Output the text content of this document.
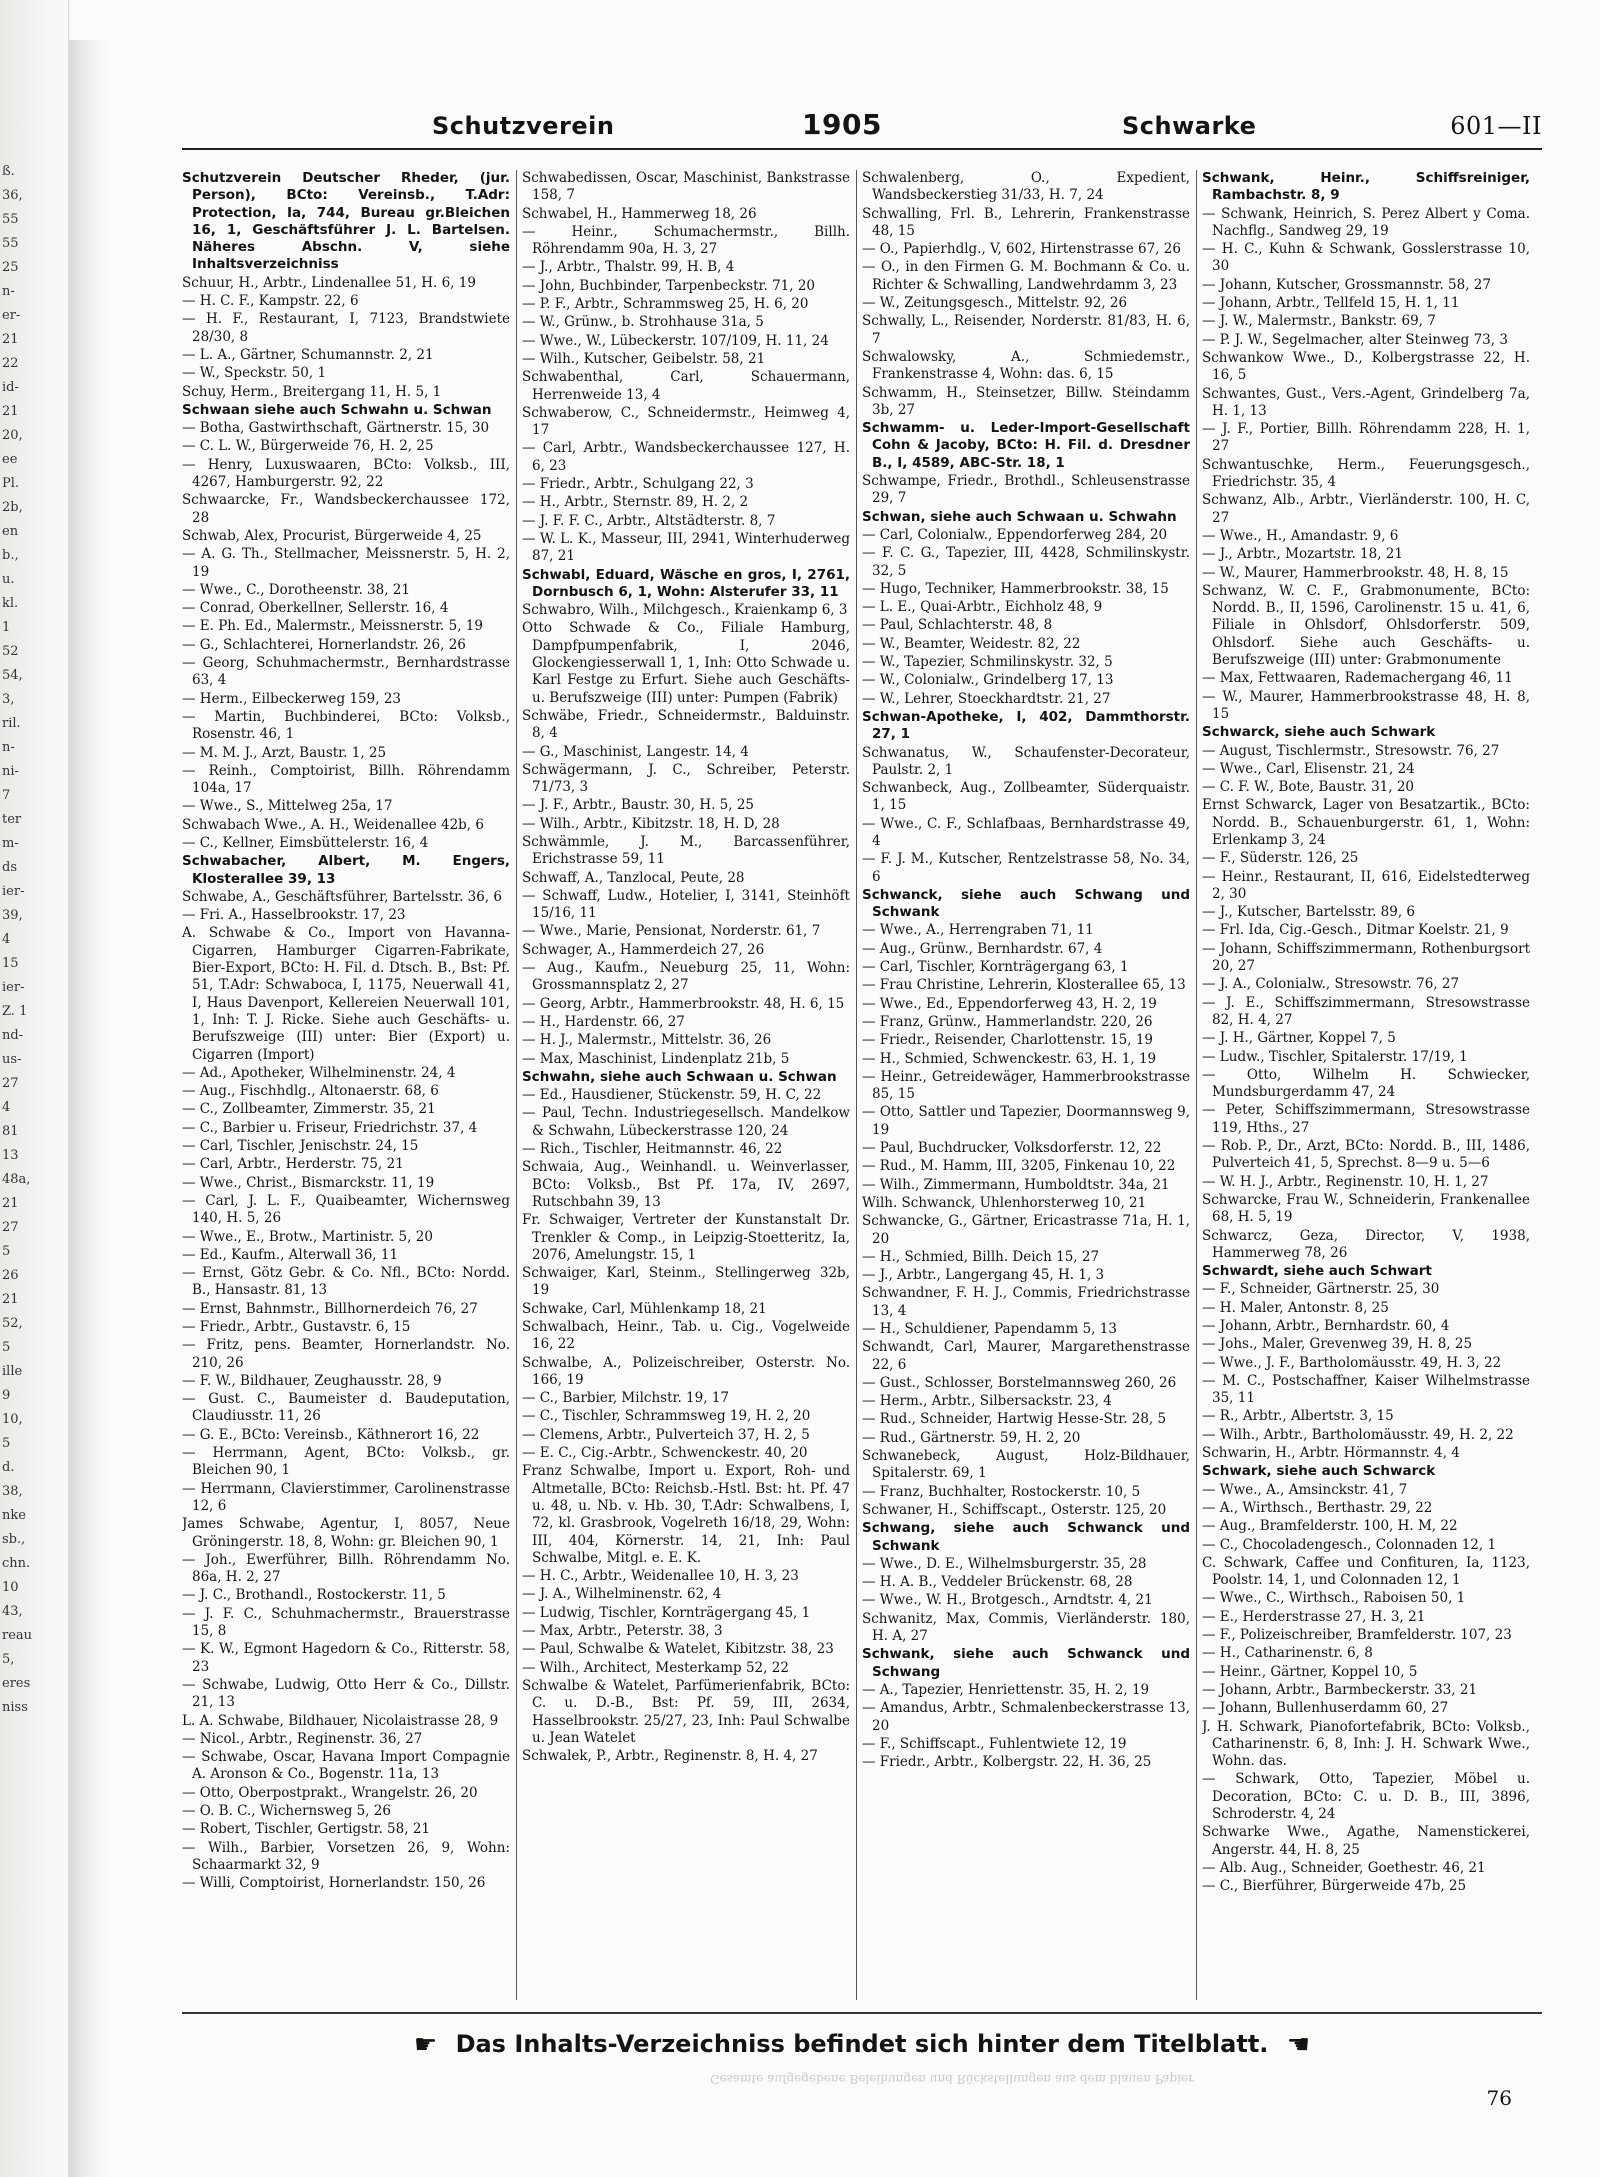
ß.
36,
55
55
25
n-
er-
21
22
id-
21
20,
ee
Pl.
2b,
en
b.,
u.
kl.
1
52
54,
3,
ril.
n-
ni-
7
ter
m-
ds
ier-
39,
4
15
ier-
Z. 1
nd-
us-
27
4
81
13
48a,
21
27
5
26
21
52,
5
ille
9
10,
5
d.
38,
nke
sb.,
chn.
10
43,
reau
5,
eres
niss
Schutzverein	1905	Schwarke	601—II
Schutzverein Deutscher Rheder, (jur. Person), BCto: Vereinsb., T.Adr: Protection, Ia, 744, Bureau gr.Bleichen 16, 1, Geschäftsführer J. L. Bartelsen. Näheres Abschn. V, siehe Inhaltsverzeichniss
Schuur, H., Arbtr., Lindenallee 51, H. 6, 19
— H. C. F., Kampstr. 22, 6
— H. F., Restaurant, I, 7123, Brandstwiete 28/30, 8
— L. A., Gärtner, Schumannstr. 2, 21
— W., Speckstr. 50, 1
Schuy, Herm., Breitergang 11, H. 5, 1
Schwaan siehe auch Schwahn u. Schwan
— Botha, Gastwirthschaft, Gärtnerstr. 15, 30
— C. L. W., Bürgerweide 76, H. 2, 25
— Henry, Luxuswaaren, BCto: Volksb., III, 4267, Hamburgerstr. 92, 22
Schwaarcke, Fr., Wandsbeckerchaussee 172, 28
Schwab, Alex, Procurist, Bürgerweide 4, 25
— A. G. Th., Stellmacher, Meissnerstr. 5, H. 2, 19
— Wwe., C., Dorotheenstr. 38, 21
— Conrad, Oberkellner, Sellerstr. 16, 4
— E. Ph. Ed., Malermstr., Meissnerstr. 5, 19
— G., Schlachterei, Hornerlandstr. 26, 26
— Georg, Schuhmachermstr., Bernhardstrasse 63, 4
— Herm., Eilbeckerweg 159, 23
— Martin, Buchbinderei, BCto: Volksb., Rosenstr. 46, 1
— M. M. J., Arzt, Baustr. 1, 25
— Reinh., Comptoirist, Billh. Röhrendamm 104a, 17
— Wwe., S., Mittelweg 25a, 17
Schwabach Wwe., A. H., Weidenallee 42b, 6
— C., Kellner, Eimsbüttelerstr. 16, 4
Schwabacher, Albert, M. Engers, Klosterallee 39, 13
Schwabe, A., Geschäftsführer, Bartelsstr. 36, 6
— Fri. A., Hasselbrookstr. 17, 23
A. Schwabe & Co., Import von Havanna-Cigarren, Hamburger Cigarren-Fabrikate, Bier-Export, BCto: H. Fil. d. Dtsch. B., Bst: Pf. 51, T.Adr: Schwaboca, I, 1175, Neuerwall 41, I, Haus Davenport, Kellereien Neuerwall 101, 1, Inh: T. J. Ricke. Siehe auch Geschäfts- u. Berufszweige (III) unter: Bier (Export) u. Cigarren (Import)
— Ad., Apotheker, Wilhelminenstr. 24, 4
— Aug., Fischhdlg., Altonaerstr. 68, 6
— C., Zollbeamter, Zimmerstr. 35, 21
— C., Barbier u. Friseur, Friedrichstr. 37, 4
— Carl, Tischler, Jenischstr. 24, 15
— Carl, Arbtr., Herderstr. 75, 21
— Wwe., Christ., Bismarckstr. 11, 19
— Carl, J. L. F., Quaibeamter, Wichernsweg 140, H. 5, 26
— Wwe., E., Brotw., Martinistr. 5, 20
— Ed., Kaufm., Alterwall 36, 11
— Ernst, Götz Gebr. & Co. Nfl., BCto: Nordd. B., Hansastr. 81, 13
— Ernst, Bahnmstr., Billhornerdeich 76, 27
— Friedr., Arbtr., Gustavstr. 6, 15
— Fritz, pens. Beamter, Hornerlandstr. No. 210, 26
— F. W., Bildhauer, Zeughausstr. 28, 9
— Gust. C., Baumeister d. Baudeputation, Claudiusstr. 11, 26
— G. E., BCto: Vereinsb., Käthnerort 16, 22
— Herrmann, Agent, BCto: Volksb., gr. Bleichen 90, 1
— Herrmann, Clavierstimmer, Carolinenstrasse 12, 6
James Schwabe, Agentur, I, 8057, Neue Gröningerstr. 18, 8, Wohn: gr. Bleichen 90, 1
— Joh., Ewerführer, Billh. Röhrendamm No. 86a, H. 2, 27
— J. C., Brothandl., Rostockerstr. 11, 5
— J. F. C., Schuhmachermstr., Brauerstrasse 15, 8
— K. W., Egmont Hagedorn & Co., Ritterstr. 58, 23
— Schwabe, Ludwig, Otto Herr & Co., Dillstr. 21, 13
L. A. Schwabe, Bildhauer, Nicolaistrasse 28, 9
— Nicol., Arbtr., Reginenstr. 36, 27
— Schwabe, Oscar, Havana Import Compagnie A. Aronson & Co., Bogenstr. 11a, 13
— Otto, Oberpostprakt., Wrangelstr. 26, 20
— O. B. C., Wichernsweg 5, 26
— Robert, Tischler, Gertigstr. 58, 21
— Wilh., Barbier, Vorsetzen 26, 9, Wohn: Schaarmarkt 32, 9
— Willi, Comptoirist, Hornerlandstr. 150, 26
Schwabedissen, Oscar, Maschinist, Bankstrasse 158, 7
Schwabel, H., Hammerweg 18, 26
— Heinr., Schumachermstr., Billh. Röhrendamm 90a, H. 3, 27
— J., Arbtr., Thalstr. 99, H. B, 4
— John, Buchbinder, Tarpenbeckstr. 71, 20
— P. F., Arbtr., Schrammsweg 25, H. 6, 20
— W., Grünw., b. Strohhause 31a, 5
— Wwe., W., Lübeckerstr. 107/109, H. 11, 24
— Wilh., Kutscher, Geibelstr. 58, 21
Schwabenthal, Carl, Schauermann, Herrenweide 13, 4
Schwaberow, C., Schneidermstr., Heimweg 4, 17
— Carl, Arbtr., Wandsbeckerchaussee 127, H. 6, 23
— Friedr., Arbtr., Schulgang 22, 3
— H., Arbtr., Sternstr. 89, H. 2, 2
— J. F. F. C., Arbtr., Altstädterstr. 8, 7
— W. L. K., Masseur, III, 2941, Winterhuderweg 87, 21
Schwabl, Eduard, Wäsche en gros, I, 2761, Dornbusch 6, 1, Wohn: Alsterufer 33, 11
Schwabro, Wilh., Milchgesch., Kraienkamp 6, 3
Otto Schwade & Co., Filiale Hamburg, Dampfpumpenfabrik, I, 2046, Glockengiesserwall 1, 1, Inh: Otto Schwade u. Karl Festge zu Erfurt. Siehe auch Geschäfts- u. Berufszweige (III) unter: Pumpen (Fabrik)
Schwäbe, Friedr., Schneidermstr., Balduinstr. 8, 4
— G., Maschinist, Langestr. 14, 4
Schwägermann, J. C., Schreiber, Peterstr. 71/73, 3
— J. F., Arbtr., Baustr. 30, H. 5, 25
— Wilh., Arbtr., Kibitzstr. 18, H. D, 28
Schwämmle, J. M., Barcassenführer, Erichstrasse 59, 11
Schwaff, A., Tanzlocal, Peute, 28
— Schwaff, Ludw., Hotelier, I, 3141, Steinhöft 15/16, 11
— Wwe., Marie, Pensionat, Norderstr. 61, 7
Schwager, A., Hammerdeich 27, 26
— Aug., Kaufm., Neueburg 25, 11, Wohn: Grossmannsplatz 2, 27
— Georg, Arbtr., Hammerbrookstr. 48, H. 6, 15
— H., Hardenstr. 66, 27
— H. J., Malermstr., Mittelstr. 36, 26
— Max, Maschinist, Lindenplatz 21b, 5
Schwahn, siehe auch Schwaan u. Schwan
— Ed., Hausdiener, Stückenstr. 59, H. C, 22
— Paul, Techn. Industriegesellsch. Mandelkow & Schwahn, Lübeckerstrasse 120, 24
— Rich., Tischler, Heitmannstr. 46, 22
Schwaia, Aug., Weinhandl. u. Weinverlasser, BCto: Volksb., Bst Pf. 17a, IV, 2697, Rutschbahn 39, 13
Fr. Schwaiger, Vertreter der Kunstanstalt Dr. Trenkler & Comp., in Leipzig-Stoetteritz, Ia, 2076, Amelungstr. 15, 1
Schwaiger, Karl, Steinm., Stellingerweg 32b, 19
Schwake, Carl, Mühlenkamp 18, 21
Schwalbach, Heinr., Tab. u. Cig., Vogelweide 16, 22
Schwalbe, A., Polizeischreiber, Osterstr. No. 166, 19
— C., Barbier, Milchstr. 19, 17
— C., Tischler, Schrammsweg 19, H. 2, 20
— Clemens, Arbtr., Pulverteich 37, H. 2, 5
— E. C., Cig.-Arbtr., Schwenckestr. 40, 20
Franz Schwalbe, Import u. Export, Roh- und Altmetalle, BCto: Reichsb.-Hstl. Bst: ht. Pf. 47 u. 48, u. Nb. v. Hb. 30, T.Adr: Schwalbens, I, 72, kl. Grasbrook, Vogelreth 16/18, 29, Wohn: III, 404, Körnerstr. 14, 21, Inh: Paul Schwalbe, Mitgl. e. E. K.
— H. C., Arbtr., Weidenallee 10, H. 3, 23
— J. A., Wilhelminenstr. 62, 4
— Ludwig, Tischler, Kornträgergang 45, 1
— Max, Arbtr., Peterstr. 38, 3
— Paul, Schwalbe & Watelet, Kibitzstr. 38, 23
— Wilh., Architect, Mesterkamp 52, 22
Schwalbe & Watelet, Parfümerienfabrik, BCto: C. u. D.-B., Bst: Pf. 59, III, 2634, Hasselbrookstr. 25/27, 23, Inh: Paul Schwalbe u. Jean Watelet
Schwalek, P., Arbtr., Reginenstr. 8, H. 4, 27
Schwalenberg, O., Expedient, Wandsbeckerstieg 31/33, H. 7, 24
Schwalling, Frl. B., Lehrerin, Frankenstrasse 48, 15
— O., Papierhdlg., V, 602, Hirtenstrasse 67, 26
— O., in den Firmen G. M. Bochmann & Co. u. Richter & Schwalling, Landwehrdamm 3, 23
— W., Zeitungsgesch., Mittelstr. 92, 26
Schwally, L., Reisender, Norderstr. 81/83, H. 6, 7
Schwalowsky, A., Schmiedemstr., Frankenstrasse 4, Wohn: das. 6, 15
Schwamm, H., Steinsetzer, Billw. Steindamm 3b, 27
Schwamm- u. Leder-Import-Gesellschaft Cohn & Jacoby, BCto: H. Fil. d. Dresdner B., I, 4589, ABC-Str. 18, 1
Schwampe, Friedr., Brothdl., Schleusenstrasse 29, 7
Schwan, siehe auch Schwaan u. Schwahn
— Carl, Colonialw., Eppendorferweg 284, 20
— F. C. G., Tapezier, III, 4428, Schmilinskystr. 32, 5
— Hugo, Techniker, Hammerbrookstr. 38, 15
— L. E., Quai-Arbtr., Eichholz 48, 9
— Paul, Schlachterstr. 48, 8
— W., Beamter, Weidestr. 82, 22
— W., Tapezier, Schmilinskystr. 32, 5
— W., Colonialw., Grindelberg 17, 13
— W., Lehrer, Stoeckhardtstr. 21, 27
Schwan-Apotheke, I, 402, Dammthorstr. 27, 1
Schwanatus, W., Schaufenster-Decorateur, Paulstr. 2, 1
Schwanbeck, Aug., Zollbeamter, Süderquaistr. 1, 15
— Wwe., C. F., Schlafbaas, Bernhardstrasse 49, 4
— F. J. M., Kutscher, Rentzelstrasse 58, No. 34, 6
Schwanck, siehe auch Schwang und Schwank
— Wwe., A., Herrengraben 71, 11
— Aug., Grünw., Bernhardstr. 67, 4
— Carl, Tischler, Kornträgergang 63, 1
— Frau Christine, Lehrerin, Klosterallee 65, 13
— Wwe., Ed., Eppendorferweg 43, H. 2, 19
— Franz, Grünw., Hammerlandstr. 220, 26
— Friedr., Reisender, Charlottenstr. 15, 19
— H., Schmied, Schwenckestr. 63, H. 1, 19
— Heinr., Getreidewäger, Hammerbrookstrasse 85, 15
— Otto, Sattler und Tapezier, Doormannsweg 9, 19
— Paul, Buchdrucker, Volksdorferstr. 12, 22
— Rud., M. Hamm, III, 3205, Finkenau 10, 22
— Wilh., Zimmermann, Humboldtstr. 34a, 21
Wilh. Schwanck, Uhlenhorsterweg 10, 21
Schwancke, G., Gärtner, Ericastrasse 71a, H. 1, 20
— H., Schmied, Billh. Deich 15, 27
— J., Arbtr., Langergang 45, H. 1, 3
Schwandner, F. H. J., Commis, Friedrichstrasse 13, 4
— H., Schuldiener, Papendamm 5, 13
Schwandt, Carl, Maurer, Margarethenstrasse 22, 6
— Gust., Schlosser, Borstelmannsweg 260, 26
— Herm., Arbtr., Silbersackstr. 23, 4
— Rud., Schneider, Hartwig Hesse-Str. 28, 5
— Rud., Gärtnerstr. 59, H. 2, 20
Schwanebeck, August, Holz-Bildhauer, Spitalerstr. 69, 1
— Franz, Buchhalter, Rostockerstr. 10, 5
Schwaner, H., Schiffscapt., Osterstr. 125, 20
Schwang, siehe auch Schwanck und Schwank
— Wwe., D. E., Wilhelmsburgerstr. 35, 28
— H. A. B., Veddeler Brückenstr. 68, 28
— Wwe., W. H., Brotgesch., Arndtstr. 4, 21
Schwanitz, Max, Commis, Vierländerstr. 180, H. A, 27
Schwank, siehe auch Schwanck und Schwang
— A., Tapezier, Henriettenstr. 35, H. 2, 19
— Amandus, Arbtr., Schmalenbeckerstrasse 13, 20
— F., Schiffscapt., Fuhlentwiete 12, 19
— Friedr., Arbtr., Kolbergstr. 22, H. 36, 25
Schwank, Heinr., Schiffsreiniger, Rambachstr. 8, 9
— Schwank, Heinrich, S. Perez Albert y Coma. Nachflg., Sandweg 29, 19
— H. C., Kuhn & Schwank, Gosslerstrasse 10, 30
— Johann, Kutscher, Grossmannstr. 58, 27
— Johann, Arbtr., Tellfeld 15, H. 1, 11
— J. W., Malermstr., Bankstr. 69, 7
— P. J. W., Segelmacher, alter Steinweg 73, 3
Schwankow Wwe., D., Kolbergstrasse 22, H. 16, 5
Schwantes, Gust., Vers.-Agent, Grindelberg 7a, H. 1, 13
— J. F., Portier, Billh. Röhrendamm 228, H. 1, 27
Schwantuschke, Herm., Feuerungsgesch., Friedrichstr. 35, 4
Schwanz, Alb., Arbtr., Vierländerstr. 100, H. C, 27
— Wwe., H., Amandastr. 9, 6
— J., Arbtr., Mozartstr. 18, 21
— W., Maurer, Hammerbrookstr. 48, H. 8, 15
Schwanz, W. C. F., Grabmonumente, BCto: Nordd. B., II, 1596, Carolinenstr. 15 u. 41, 6, Filiale in Ohlsdorf, Ohlsdorferstr. 509, Ohlsdorf. Siehe auch Geschäfts- u. Berufszweige (III) unter: Grabmonumente
— Max, Fettwaaren, Rademachergang 46, 11
— W., Maurer, Hammerbrookstrasse 48, H. 8, 15
Schwarck, siehe auch Schwark
— August, Tischlermstr., Stresowstr. 76, 27
— Wwe., Carl, Elisenstr. 21, 24
— C. F. W., Bote, Baustr. 31, 20
Ernst Schwarck, Lager von Besatzartik., BCto: Nordd. B., Schauenburgerstr. 61, 1, Wohn: Erlenkamp 3, 24
— F., Süderstr. 126, 25
— Heinr., Restaurant, II, 616, Eidelstedterweg 2, 30
— J., Kutscher, Bartelsstr. 89, 6
— Frl. Ida, Cig.-Gesch., Ditmar Koelstr. 21, 9
— Johann, Schiffszimmermann, Rothenburgsort 20, 27
— J. A., Colonialw., Stresowstr. 76, 27
— J. E., Schiffszimmermann, Stresowstrasse 82, H. 4, 27
— J. H., Gärtner, Koppel 7, 5
— Ludw., Tischler, Spitalerstr. 17/19, 1
— Otto, Wilhelm H. Schwiecker, Mundsburgerdamm 47, 24
— Peter, Schiffszimmermann, Stresowstrasse 119, Hths., 27
— Rob. P., Dr., Arzt, BCto: Nordd. B., III, 1486, Pulverteich 41, 5, Sprechst. 8—9 u. 5—6
— W. H. J., Arbtr., Reginenstr. 10, H. 1, 27
Schwarcke, Frau W., Schneiderin, Frankenallee 68, H. 5, 19
Schwarcz, Geza, Director, V, 1938, Hammerweg 78, 26
Schwardt, siehe auch Schwart
— F., Schneider, Gärtnerstr. 25, 30
— H. Maler, Antonstr. 8, 25
— Johann, Arbtr., Bernhardstr. 60, 4
— Johs., Maler, Grevenweg 39, H. 8, 25
— Wwe., J. F., Bartholomäusstr. 49, H. 3, 22
— M. C., Postschaffner, Kaiser Wilhelmstrasse 35, 11
— R., Arbtr., Albertstr. 3, 15
— Wilh., Arbtr., Bartholomäusstr. 49, H. 2, 22
Schwarin, H., Arbtr. Hörmannstr. 4, 4
Schwark, siehe auch Schwarck
— Wwe., A., Amsinckstr. 41, 7
— A., Wirthsch., Berthastr. 29, 22
— Aug., Bramfelderstr. 100, H. M, 22
— C., Chocoladengesch., Colonnaden 12, 1
C. Schwark, Caffee und Confituren, Ia, 1123, Poolstr. 14, 1, und Colonnaden 12, 1
— Wwe., C., Wirthsch., Raboisen 50, 1
— E., Herderstrasse 27, H. 3, 21
— F., Polizeischreiber, Bramfelderstr. 107, 23
— H., Catharinenstr. 6, 8
— Heinr., Gärtner, Koppel 10, 5
— Johann, Arbtr., Barmbeckerstr. 33, 21
— Johann, Bullenhuserdamm 60, 27
J. H. Schwark, Pianofortefabrik, BCto: Volksb., Catharinenstr. 6, 8, Inh: J. H. Schwark Wwe., Wohn. das.
— Schwark, Otto, Tapezier, Möbel u. Decoration, BCto: C. u. D. B., III, 3896, Schroderstr. 4, 24
Schwarke Wwe., Agathe, Namenstickerei, Angerstr. 44, H. 8, 25
— Alb. Aug., Schneider, Goethestr. 46, 21
— C., Bierführer, Bürgerweide 47b, 25
☛ Das Inhalts-Verzeichniss befindet sich hinter dem Titelblatt. ☚
Gesamte aufgegebene Beleihungen und Rückstellungen aus dem blauen Papier
76
